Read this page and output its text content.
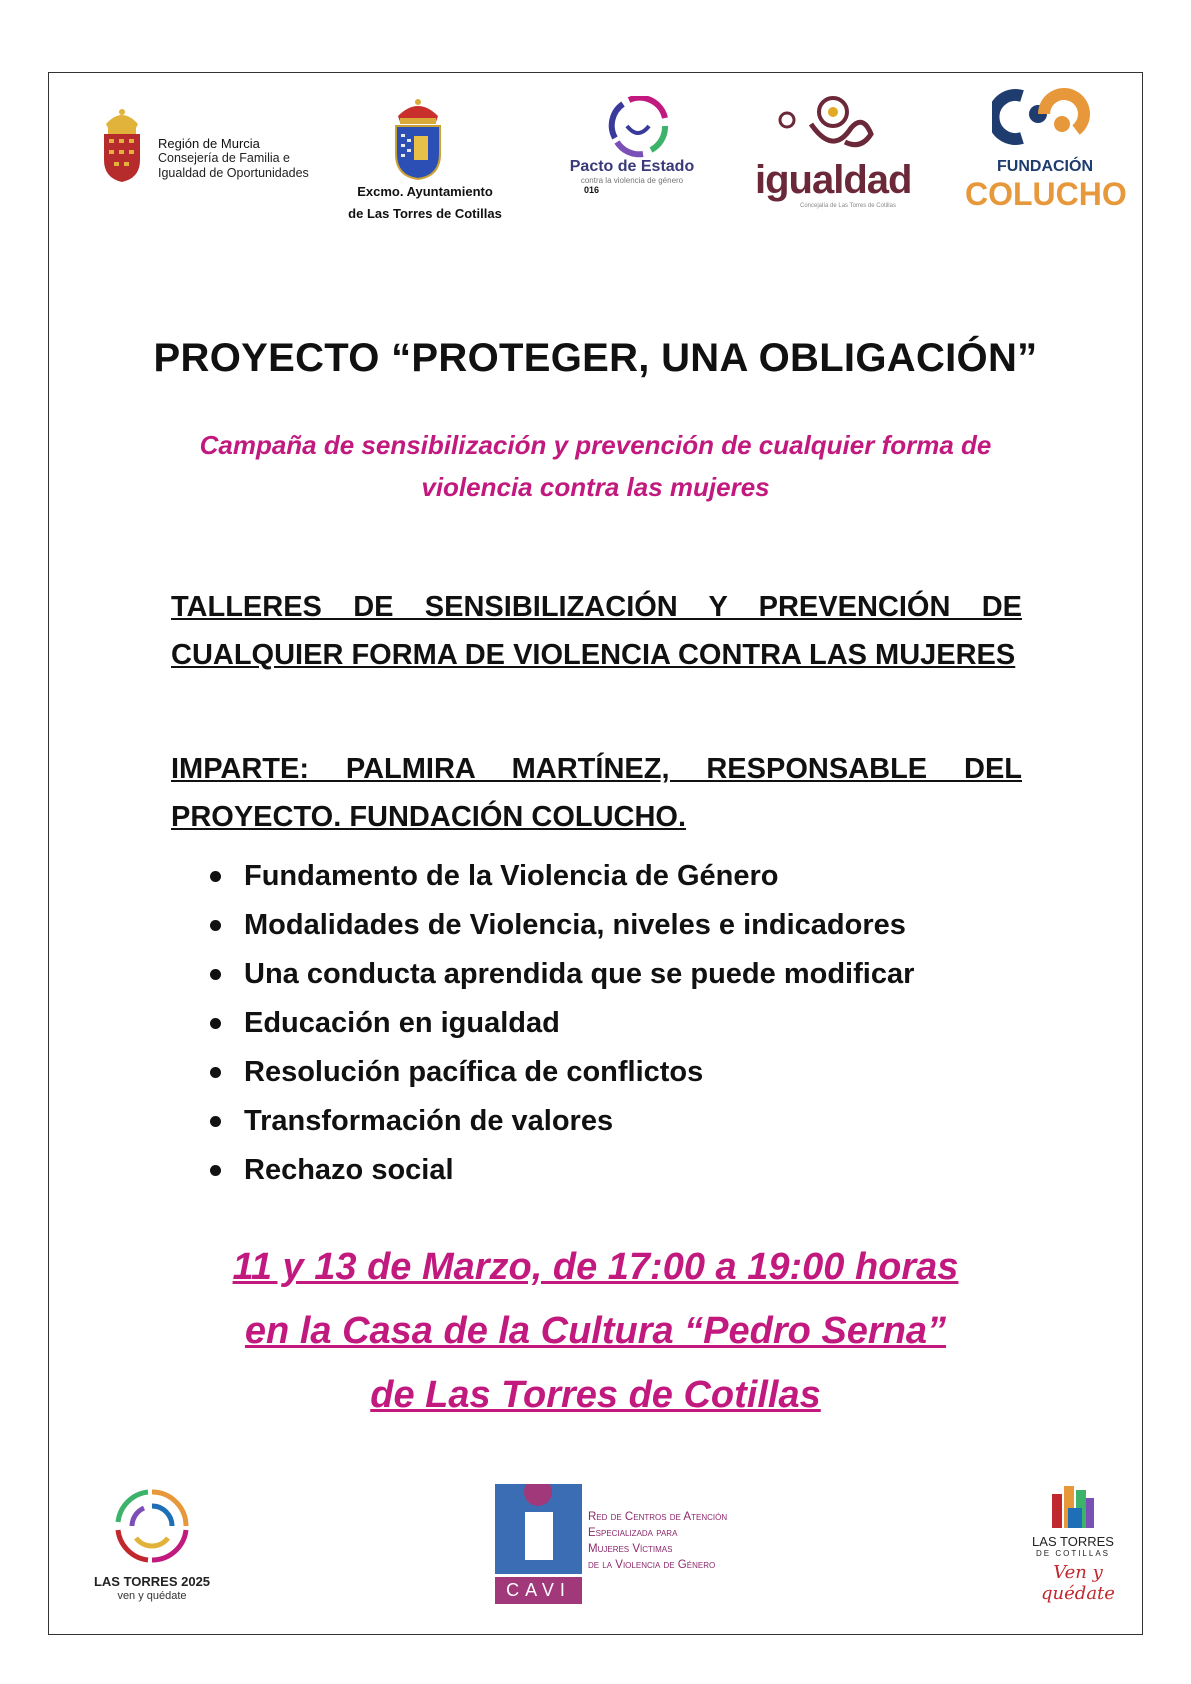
Región de Murcia
Consejería de Familia e
Igualdad de Oportunidades
Excmo. Ayuntamiento
de Las Torres de Cotillas
Pacto de Estado
contra la violencia de género
016	igualdad
Concejalía de Las Torres de Cotillas
FUNDACIÓN
COLUCHO
PROYECTO “PROTEGER, UNA OBLIGACIÓN”
Campaña de sensibilización y prevención de cualquier forma de
violencia contra las mujeres
TALLERES DE SENSIBILIZACIÓN Y PREVENCIÓN DE CUALQUIER FORMA DE VIOLENCIA CONTRA LAS MUJERES
IMPARTE: PALMIRA MARTÍNEZ, RESPONSABLE DEL PROYECTO. FUNDACIÓN COLUCHO.
Fundamento de la Violencia de Género
Modalidades de Violencia, niveles e indicadores
Una conducta aprendida que se puede modificar
Educación en igualdad
Resolución pacífica de conflictos
Transformación de valores
Rechazo social
11 y 13 de Marzo, de 17:00 a 19:00 horas
en la Casa de la Cultura “Pedro Serna”
de Las Torres de Cotillas
LAS TORRES 2025
ven y quédate	CAVI
Red de Centros de Atención
Especializada para
Mujeres Víctimas
de la Violencia de Género
LAS TORRES
DE COTILLAS
Ven y quédate
